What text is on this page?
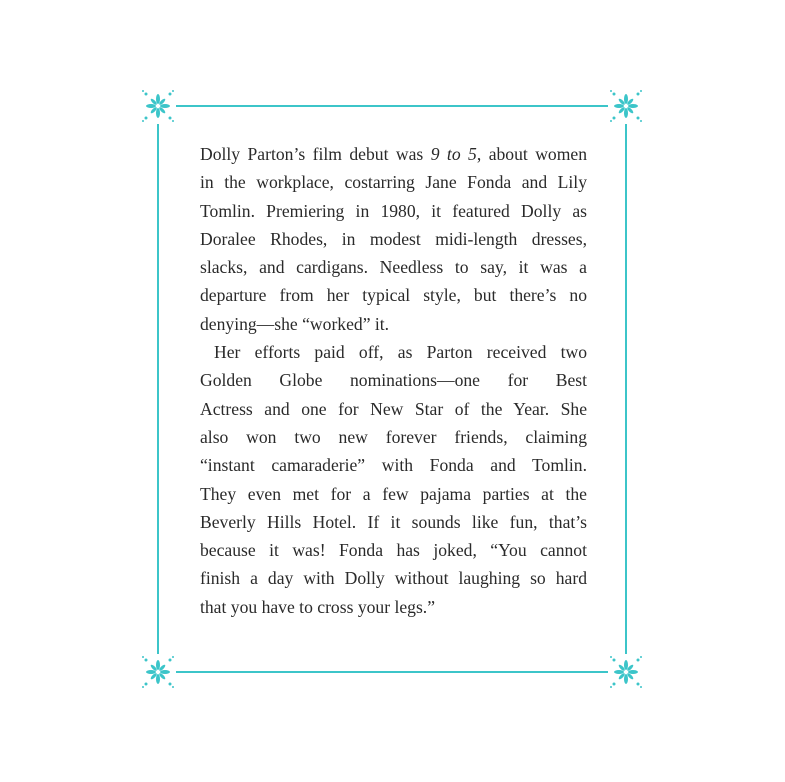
Dolly Parton’s film debut was 9 to 5, about women
in the workplace, costarring Jane Fonda and Lily
Tomlin. Premiering in 1980, it featured Dolly as
Doralee Rhodes, in modest midi-length dresses,
slacks, and cardigans. Needless to say, it was a
departure from her typical style, but there’s no
denying—she “worked” it.
Her efforts paid off, as Parton received two
Golden Globe nominations—one for Best
Actress and one for New Star of the Year. She
also won two new forever friends, claiming
“instant camaraderie” with Fonda and Tomlin.
They even met for a few pajama parties at the
Beverly Hills Hotel. If it sounds like fun, that’s
because it was! Fonda has joked, “You cannot
finish a day with Dolly without laughing so hard
that you have to cross your legs.”
